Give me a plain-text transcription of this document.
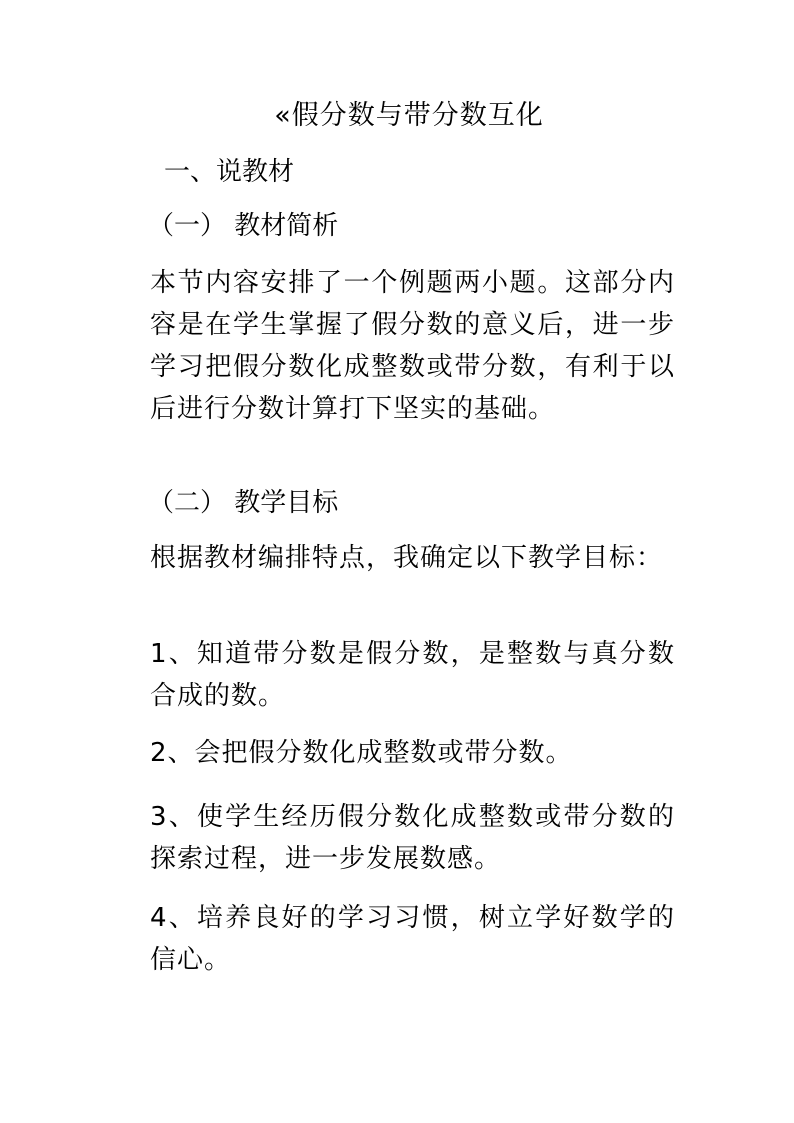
«假分数与带分数互化
一、说教材
（一） 教材简析
本节内容安排了一个例题两小题。这部分内容是在学生掌握了假分数的意义后，进一步学习把假分数化成整数或带分数，有利于以后进行分数计算打下坚实的基础。
（二） 教学目标
根据教材编排特点，我确定以下教学目标：
1、知道带分数是假分数，是整数与真分数合成的数。
2、会把假分数化成整数或带分数。
3、使学生经历假分数化成整数或带分数的探索过程，进一步发展数感。
4、培养良好的学习习惯，树立学好数学的信心。
